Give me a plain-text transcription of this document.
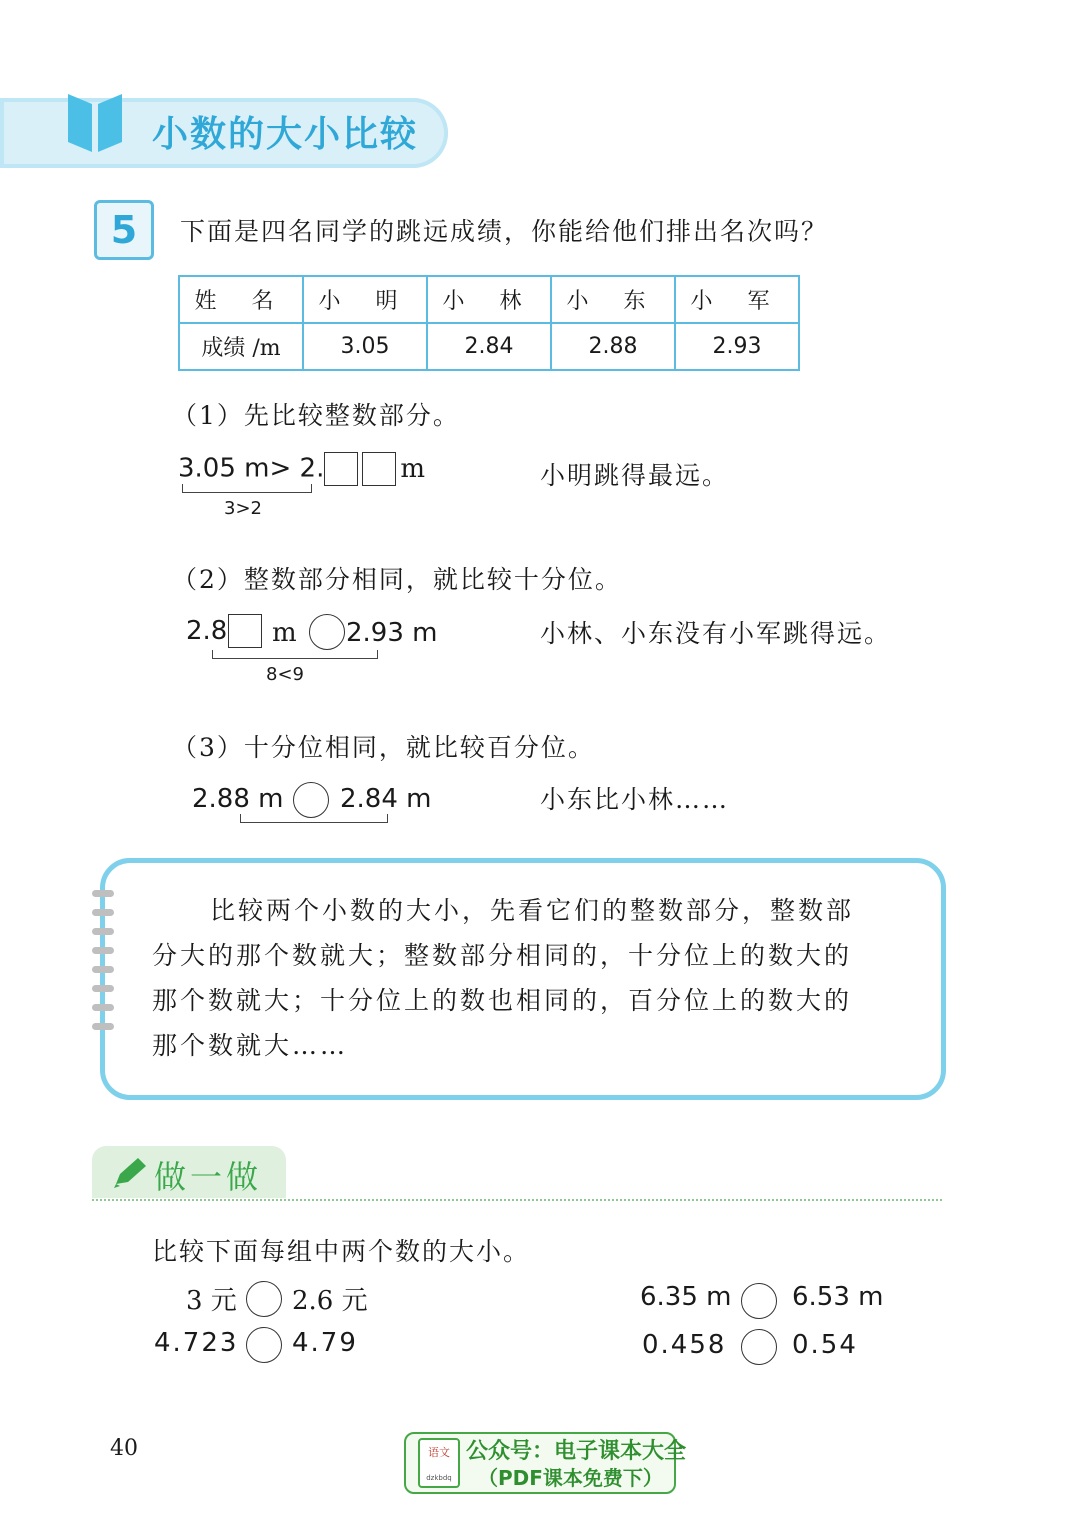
小数的大小比较
5	下面是四名同学的跳远成绩，你能给他们排出名次吗？
姓 名	小 明	小 林	小 东	小 军
成绩 /m	3.05	2.84	2.88	2.93
（1）先比较整数部分。
3.05 m> 2.	m
3>2
小明跳得最远。
（2）整数部分相同，就比较十分位。
2.8 m 2.93 m
8<9
小林、小东没有小军跳得远。
（3）十分位相同，就比较百分位。
2.88 m 2.84 m	小东比小林……
比较两个小数的大小，先看它们的整数部分，整数部
分大的那个数就大；整数部分相同的，十分位上的数大的
那个数就大；十分位上的数也相同的，百分位上的数大的
那个数就大……
做一做
比较下面每组中两个数的大小。
3 元 2.6 元	6.35 m 6.53 m
4.723 4.79	0.458	0.54
40	语文
dzkbdq
公众号：电子课本大全
（PDF课本免费下）
